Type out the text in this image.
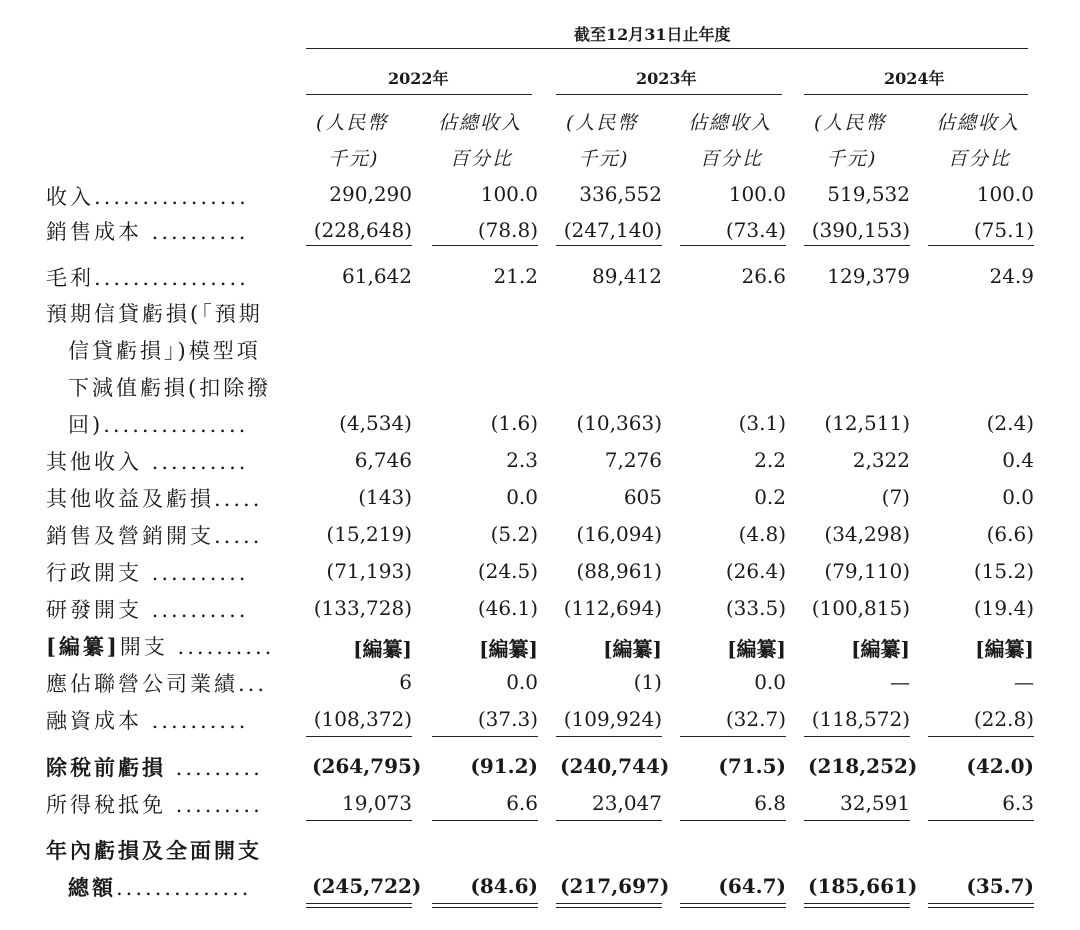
截至12月31日止年度
2022年	2023年	2024年
(人民幣	佔總收入 (人民幣	佔總收入 (人民幣	佔總收入
千元)	百分比	千元)	百分比	千元)	百分比
收入................	290,290	100.0	336,552	100.0	519,532	100.0
銷售成本 ..........	(228,648)	(78.8) (247,140)	(73.4) (390,153)	(75.1)
毛利................	61,642	21.2	89,412	26.6	129,379	24.9
預期信貸虧損(「預期
信貸虧損」)模型項
下減值虧損(扣除撥
回)...............	(4,534)	(1.6)	(10,363)	(3.1)	(12,511)	(2.4)
其他收入 ..........	6,746	2.3	7,276	2.2	2,322	0.4
其他收益及虧損.....	(143)	0.0	605	0.2	(7)	0.0
銷售及營銷開支.....	(15,219)	(5.2)	(16,094)	(4.8)	(34,298)	(6.6)
行政開支 ..........	(71,193)	(24.5)	(88,961)	(26.4)	(79,110)	(15.2)
研發開支 ..........	(133,728)	(46.1) (112,694)	(33.5) (100,815)	(19.4)
[編纂]開支 ..........	[編纂]	[編纂]	[編纂]	[編纂]	[編纂]	[編纂]
應佔聯營公司業績...	6	0.0	(1)	0.0	—	—
融資成本 ..........	(108,372)	(37.3) (109,924)	(32.7) (118,572)	(22.8)
除稅前虧損 ......... (264,795)	(91.2) (240,744)	(71.5) (218,252)	(42.0)
所得稅抵免 .........	19,073	6.6	23,047	6.8	32,591	6.3
年內虧損及全面開支
總額..............	(245,722)	(84.6) (217,697)	(64.7) (185,661)	(35.7)
